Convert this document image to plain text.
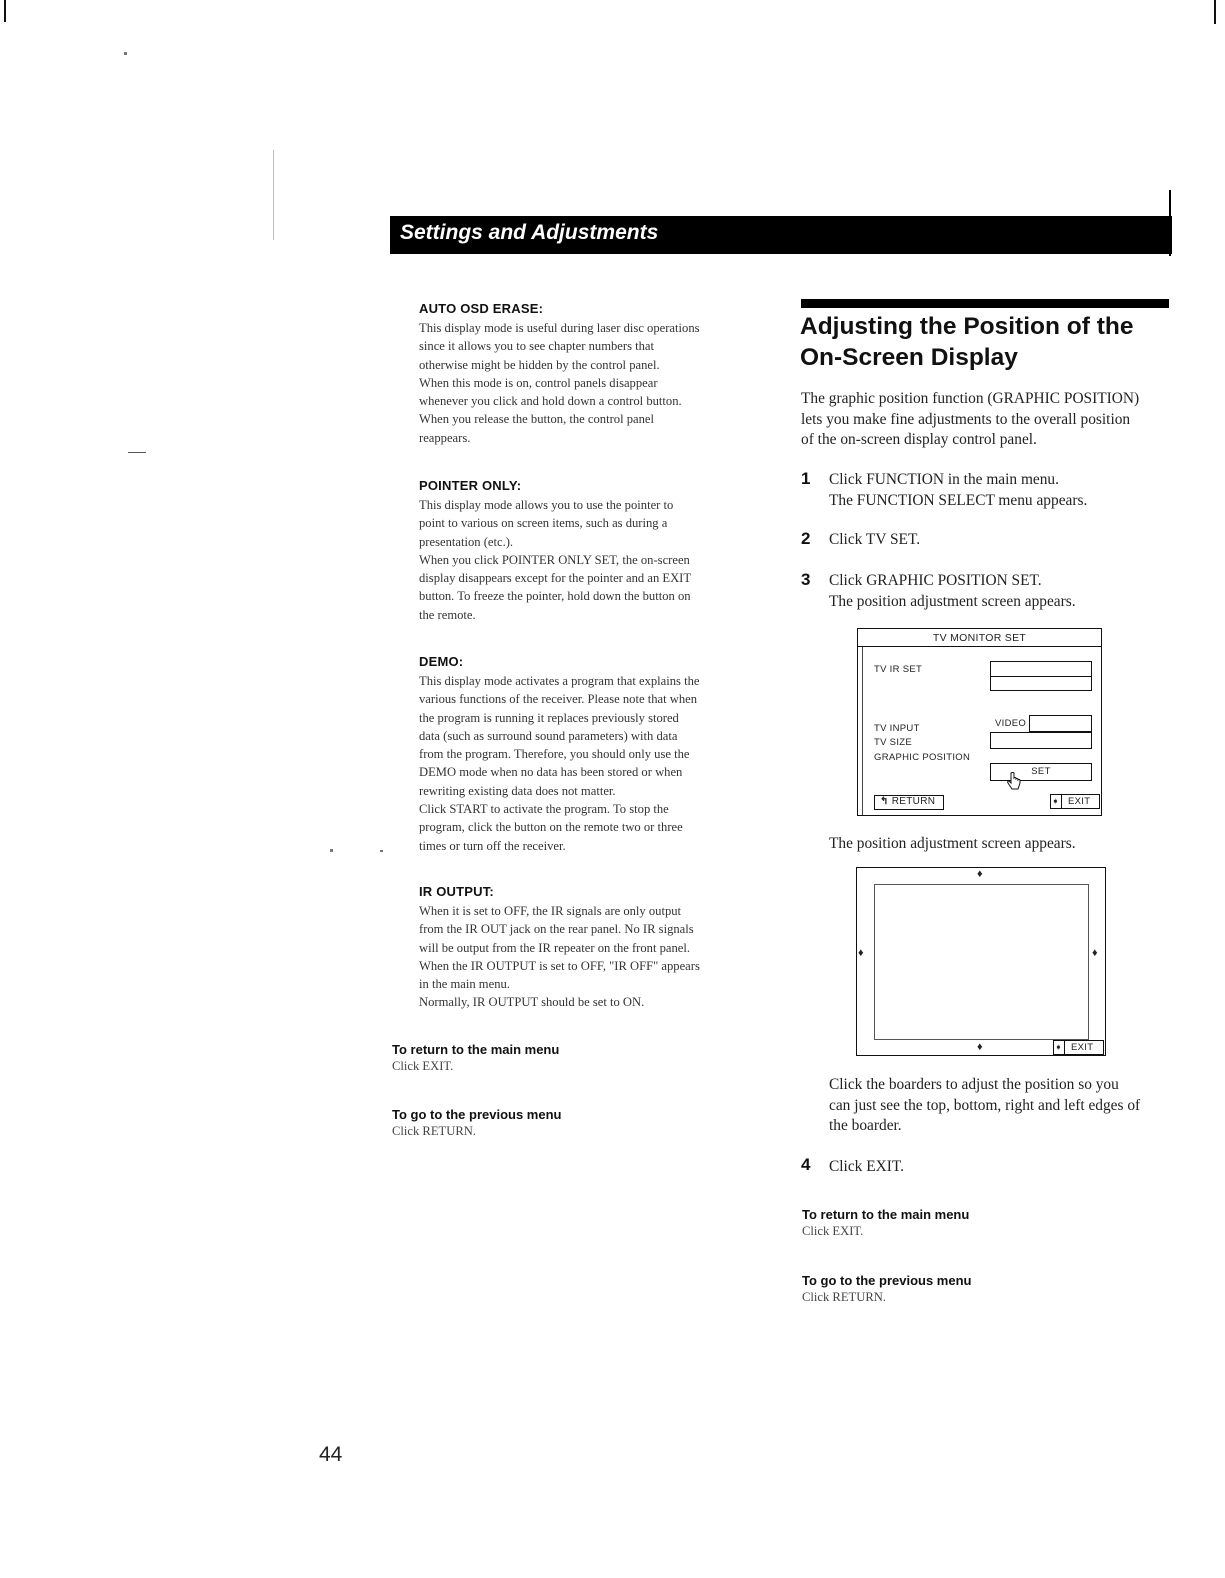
Settings and Adjustments
AUTO OSD ERASE:
This display mode is useful during laser disc operations
since it allows you to see chapter numbers that
otherwise might be hidden by the control panel.
When this mode is on, control panels disappear
whenever you click and hold down a control button.
When you release the button, the control panel
reappears.
POINTER ONLY:
This display mode allows you to use the pointer to
point to various on screen items, such as during a
presentation (etc.).
When you click POINTER ONLY SET, the on-screen
display disappears except for the pointer and an EXIT
button. To freeze the pointer, hold down the button on
the remote.
DEMO:
This display mode activates a program that explains the
various functions of the receiver. Please note that when
the program is running it replaces previously stored
data (such as surround sound parameters) with data
from the program. Therefore, you should only use the
DEMO mode when no data has been stored or when
rewriting existing data does not matter.
Click START to activate the program. To stop the
program, click the button on the remote two or three
times or turn off the receiver.
IR OUTPUT:
When it is set to OFF, the IR signals are only output
from the IR OUT jack on the rear panel. No IR signals
will be output from the IR repeater on the front panel.
When the IR OUTPUT is set to OFF, "IR OFF" appears
in the main menu.
Normally, IR OUTPUT should be set to ON.
To return to the main menu
Click EXIT.
To go to the previous menu
Click RETURN.
Adjusting the Position of the
On-Screen Display
The graphic position function (GRAPHIC POSITION)
lets you make fine adjustments to the overall position
of the on-screen display control panel.
1 Click FUNCTION in the main menu.
The FUNCTION SELECT menu appears.
2 Click TV SET.
3 Click GRAPHIC POSITION SET.
The position adjustment screen appears.
TV MONITOR SET
TV IR SET
TV INPUT
TV SIZE
GRAPHIC POSITION
VIDEO
SET
↰ RETURN	➧ EXIT
The position adjustment screen appears.
♦
♦
♦	♦
➧ EXIT
Click the boarders to adjust the position so you
can just see the top, bottom, right and left edges of
the boarder.
4 Click EXIT.
To return to the main menu
Click EXIT.
To go to the previous menu
Click RETURN.
44
